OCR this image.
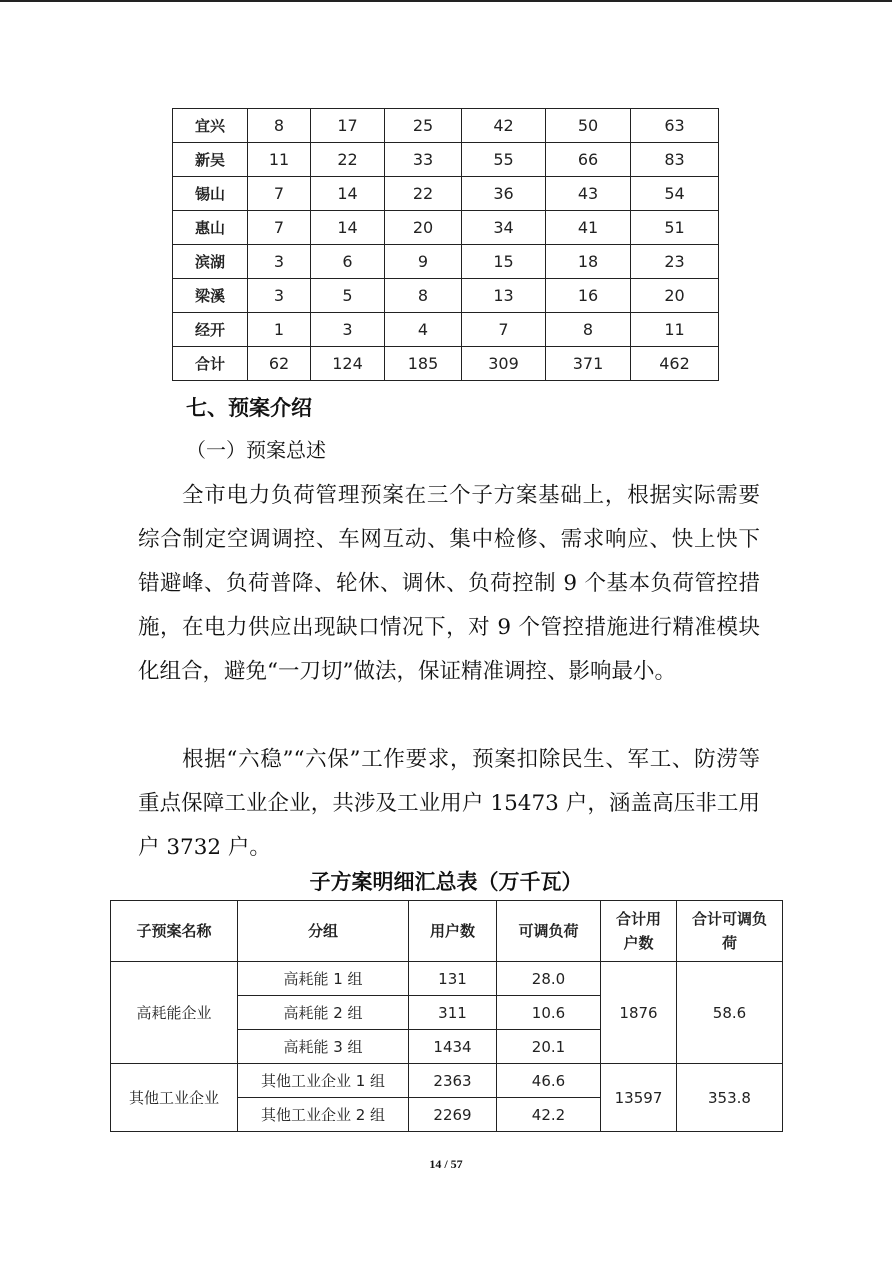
宜兴	8	17	25	42	50	63
新吴	11	22	33	55	66	83
锡山	7	14	22	36	43	54
惠山	7	14	20	34	41	51
滨湖	3	6	9	15	18	23
梁溪	3	5	8	13	16	20
经开	1	3	4	7	8	11
合计	62	124	185	309	371	462
七、预案介绍
（一）预案总述
全市电力负荷管理预案在三个子方案基础上，根据实际需要综合制定空调调控、车网互动、集中检修、需求响应、快上快下错避峰、负荷普降、轮休、调休、负荷控制 9 个基本负荷管控措施，在电力供应出现缺口情况下，对 9 个管控措施进行精准模块化组合，避免“一刀切”做法，保证精准调控、影响最小。
根据“六稳”“六保”工作要求，预案扣除民生、军工、防涝等重点保障工业企业，共涉及工业用户 15473 户，涵盖高压非工用户 3732 户。
子方案明细汇总表（万千瓦）
子预案名称	分组	用户数	可调负荷	合计用户数	合计可调负荷

高耗能企业	高耗能 1 组	131	28.0	1876	58.6
	高耗能 2 组	311	10.6		
	高耗能 3 组	1434	20.1		
其他工业企业	其他工业企业 1 组	2363	46.6	13597	353.8
	其他工业企业 2 组	2269	42.2		
14 / 57
